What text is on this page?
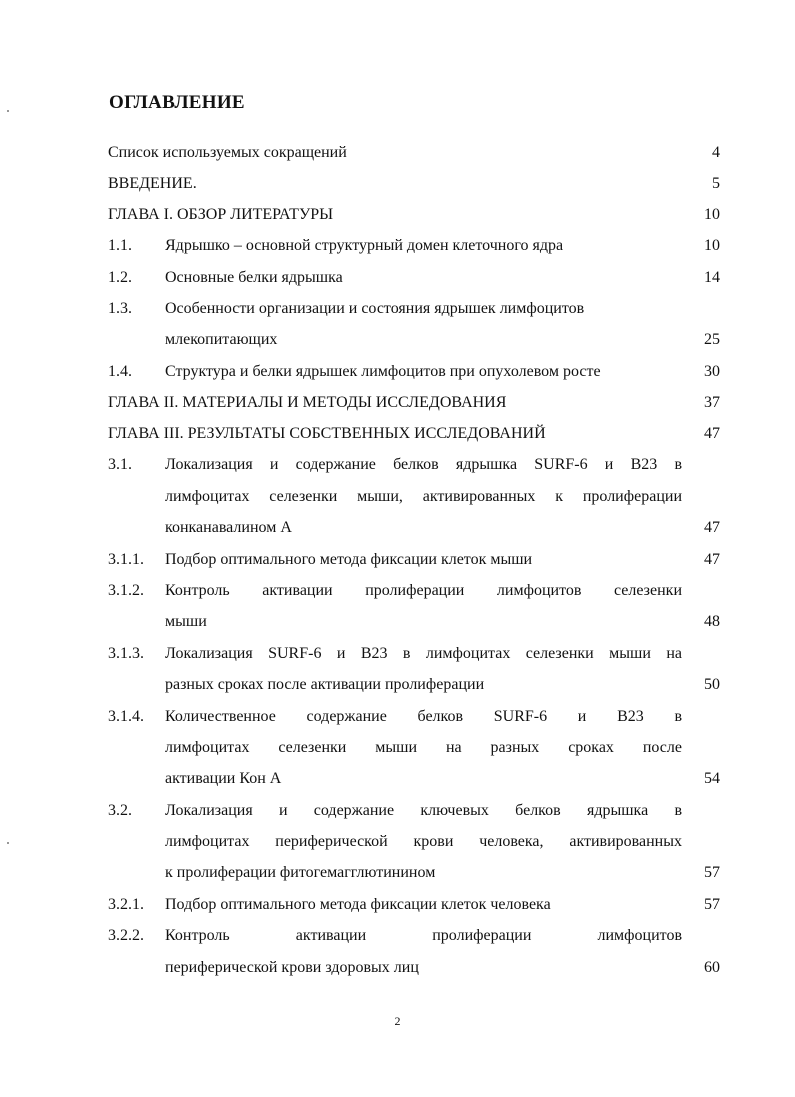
ОГЛАВЛЕНИЕ
Список используемых сокращений	4
ВВЕДЕНИЕ.	5
ГЛАВА I. ОБЗОР ЛИТЕРАТУРЫ	10
1.1.	Ядрышко – основной структурный домен клеточного ядра	10
1.2.	Основные белки ядрышка	14
1.3.	Особенности организации и состояния ядрышек лимфоцитов
млекопитающих	25
1.4.	Структура и белки ядрышек лимфоцитов при опухолевом росте	30
ГЛАВА II. МАТЕРИАЛЫ И МЕТОДЫ ИССЛЕДОВАНИЯ	37
ГЛАВА III. РЕЗУЛЬТАТЫ СОБСТВЕННЫХ ИССЛЕДОВАНИЙ	47
3.1.	Локализация и содержание белков ядрышка SURF-6 и B23 в
лимфоцитах селезенки мыши, активированных к пролиферации
конканавалином А	47
3.1.1.	Подбор оптимального метода фиксации клеток мыши	47
3.1.2.	Контроль активации пролиферации лимфоцитов селезенки
мыши	48
3.1.3.	Локализация SURF-6 и B23 в лимфоцитах селезенки мыши на
разных сроках после активации пролиферации	50
3.1.4.	Количественное содержание белков SURF-6 и B23 в
лимфоцитах селезенки мыши на разных сроках после
активации Кон А	54
3.2.	Локализация и содержание ключевых белков ядрышка в
лимфоцитах периферической крови человека, активированных
к пролиферации фитогемагглютинином	57
3.2.1.	Подбор оптимального метода фиксации клеток человека	57
3.2.2.	Контроль активации пролиферации лимфоцитов
периферической крови здоровых лиц	60
2
